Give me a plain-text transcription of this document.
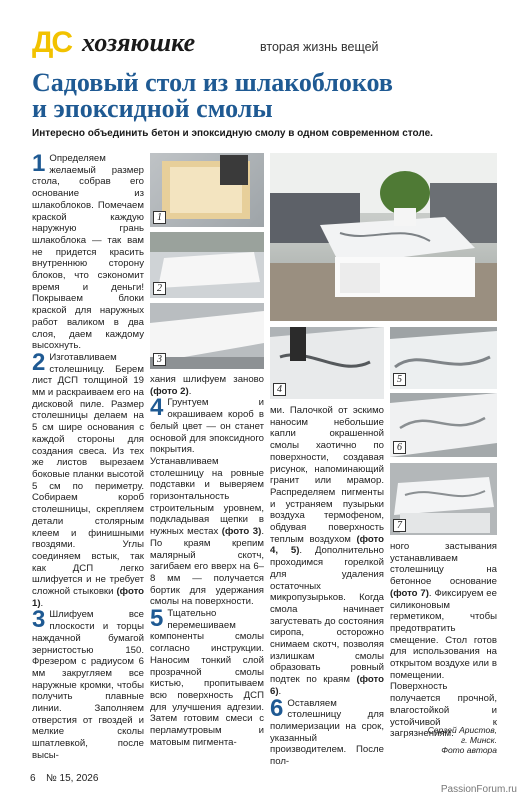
ДС хозяюшке	вторая жизнь вещей
Садовый стол из шлакоблоков
и эпоксидной смолы
Интересно объединить бетон и эпоксидную смолу в одном современном столе.

1 Определяем желаемый размер стола, собрав его основание из шлакоблоков. Помечаем краской каждую наружную грань шлакоблока — так вам не придется красить внутреннюю сторону блоков, что сэкономит время и деньги! Покрываем блоки краской для наружных работ валиком в два слоя, даем каждому высохнуть.

2 Изготавливаем столешницу. Берем лист ДСП толщиной 19 мм и раскраиваем его на дисковой пиле. Размер столешницы делаем на 5 см шире основания с каждой стороны для создания свеса. Из тех же листов вырезаем боковые планки высотой 5 см по периметру. Собираем короб столешницы, скрепляем детали столярным клеем и финишными гвоздями. Углы соединяем встык, так как ДСП легко шлифуется и не требует сложной стыковки (фото 1).

3 Шлифуем все плоскости и торцы наждачной бумагой зернистостью 150. Фрезером с радиусом 6 мм закругляем все наружные кромки, чтобы получить плавные линии. Заполняем отверстия от гвоздей и мелкие сколы шпатлевкой, после высы-

1
2
3

хания шлифуем заново (фото 2).

4 Грунтуем и окрашиваем короб в белый цвет — он станет основой для эпоксидного покрытия. Устанавливаем столешницу на ровные подставки и выверяем горизонтальность строительным уровнем, подкладывая щепки в нужных местах (фото 3). По краям крепим малярный скотч, загибаем его вверх на 6–8 мм — получается бортик для удержания смолы на поверхности.

5 Тщательно перемешиваем компоненты смолы согласно инструкции. Наносим тонкий слой прозрачной смолы кистью, пропитываем всю поверхность ДСП для улучшения адгезии. Затем готовим смеси с перламутровым и матовым пигмента-

4
5
6
7

ми. Палочкой от эскимо наносим небольшие капли окрашенной смолы хаотично по поверхности, создавая рисунок, напоминающий гранит или мрамор. Распределяем пигменты и устраняем пузырьки воздуха термофеном, обдувая поверхность теплым воздухом (фото 4, 5). Дополнительно проходимся горелкой для удаления остаточных микропузырьков. Когда смола начинает загустевать до состояния сиропа, осторожно снимаем скотч, позволяя излишкам смолы образовать ровный подтек по краям (фото 6).

6 Оставляем столешницу для полимеризации на срок, указанный производителем. После пол-

ного застывания устанавливаем столешницу на бетонное основание (фото 7). Фиксируем ее силиконовым герметиком, чтобы предотвратить смещение. Стол готов для использования на открытом воздухе или в помещении. Поверхность получается прочной, влагостойкой и устойчивой к загрязнениям.

Сергей Аристов,
г. Минск.
Фото автора
6 № 15, 2026
PassionForum.ru
